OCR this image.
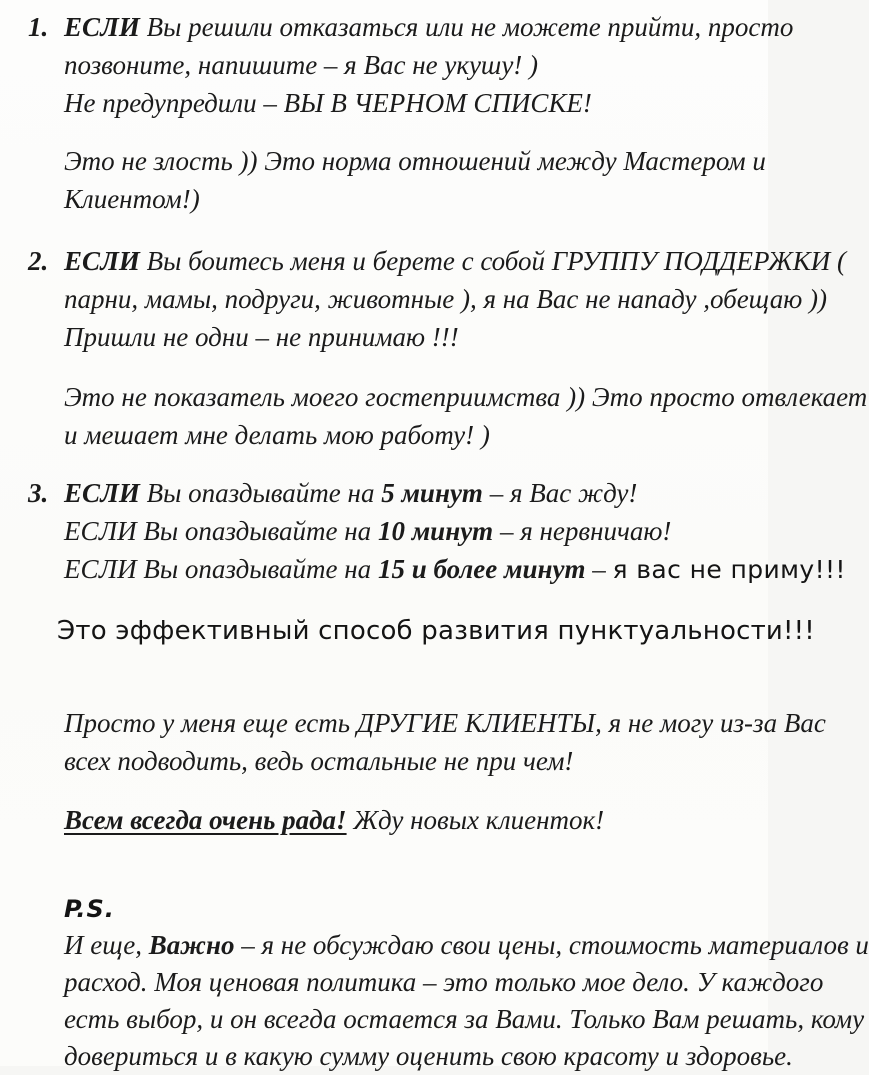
1. ЕСЛИ Вы решили отказаться или не можете прийти, просто
позвоните, напишите – я Вас не укушу! )
Не предупредили – ВЫ В ЧЕРНОМ СПИСКЕ!
Это не злость )) Это норма отношений между Мастером и
Клиентом!)
2. ЕСЛИ Вы боитесь меня и берете с собой ГРУППУ ПОДДЕРЖКИ (
парни, мамы, подруги, животные ), я на Вас не нападу ,обещаю ))
Пришли не одни – не принимаю !!!
Это не показатель моего гостеприимства )) Это просто отвлекает
и мешает мне делать мою работу! )
3. ЕСЛИ Вы опаздывайте на 5 минут – я Вас жду!
ЕСЛИ Вы опаздывайте на 10 минут – я нервничаю!
ЕСЛИ Вы опаздывайте на 15 и более минут – я вас не приму!!!
Это эффективный способ развития пунктуальности!!!
Просто у меня еще есть ДРУГИЕ КЛИЕНТЫ, я не могу из-за Вас
всех подводить, ведь остальные не при чем!
Всем всегда очень рада! Жду новых клиенток!
P.S.
И еще, Важно – я не обсуждаю свои цены, стоимость материалов и
расход. Моя ценовая политика – это только мое дело. У каждого
есть выбор, и он всегда остается за Вами. Только Вам решать, кому
довериться и в какую сумму оценить свою красоту и здоровье.
